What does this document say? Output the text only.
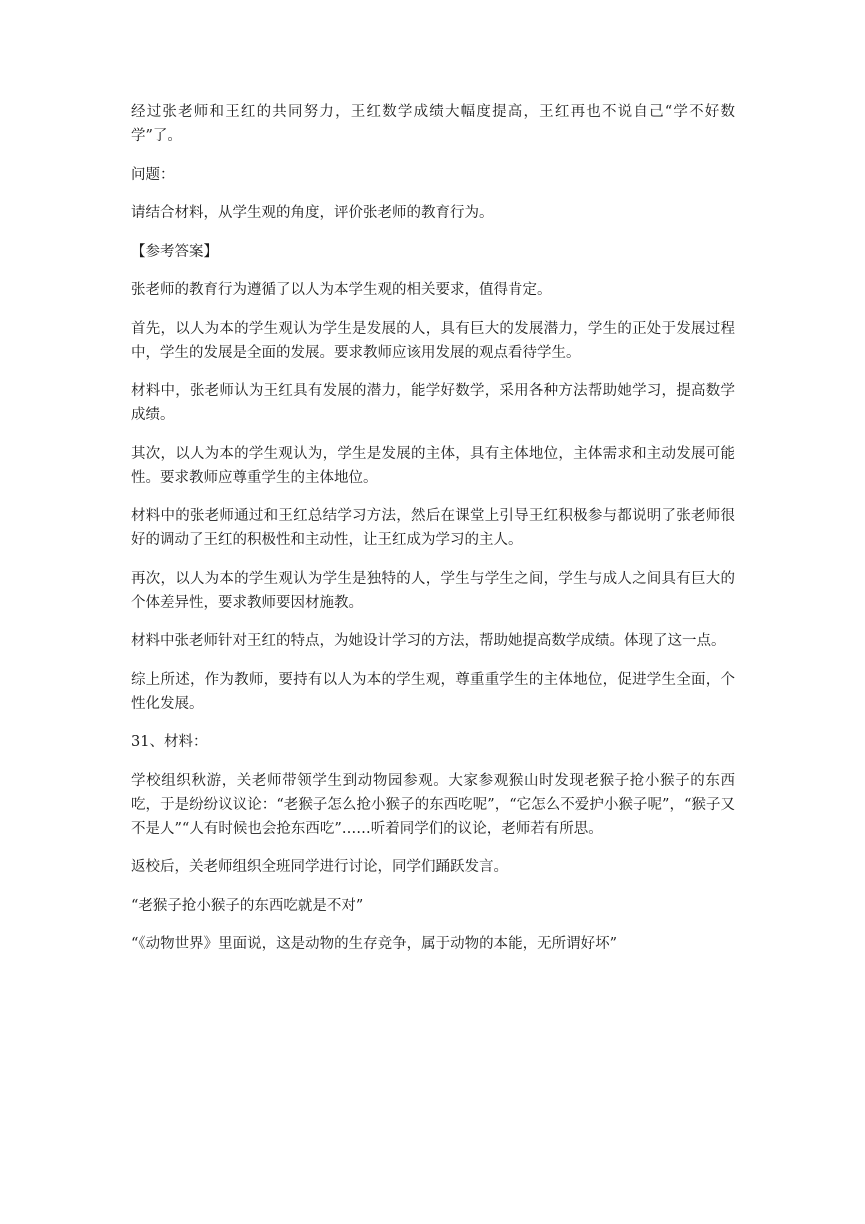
经过张老师和王红的共同努力，王红数学成绩大幅度提高，王红再也不说自己“学不好数学”了。

问题：

请结合材料，从学生观的角度，评价张老师的教育行为。

【参考答案】

张老师的教育行为遵循了以人为本学生观的相关要求，值得肯定。

首先，以人为本的学生观认为学生是发展的人，具有巨大的发展潜力，学生的正处于发展过程中，学生的发展是全面的发展。要求教师应该用发展的观点看待学生。

材料中，张老师认为王红具有发展的潜力，能学好数学，采用各种方法帮助她学习，提高数学成绩。

其次，以人为本的学生观认为，学生是发展的主体，具有主体地位，主体需求和主动发展可能性。要求教师应尊重学生的主体地位。

材料中的张老师通过和王红总结学习方法，然后在课堂上引导王红积极参与都说明了张老师很好的调动了王红的积极性和主动性，让王红成为学习的主人。

再次，以人为本的学生观认为学生是独特的人，学生与学生之间，学生与成人之间具有巨大的个体差异性，要求教师要因材施教。

材料中张老师针对王红的特点，为她设计学习的方法，帮助她提高数学成绩。体现了这一点。

综上所述，作为教师，要持有以人为本的学生观，尊重重学生的主体地位，促进学生全面，个性化发展。

31、材料：

学校组织秋游，关老师带领学生到动物园参观。大家参观猴山时发现老猴子抢小猴子的东西吃，于是纷纷议议论：“老猴子怎么抢小猴子的东西吃呢”，“它怎么不爱护小猴子呢”，“猴子又不是人”“人有时候也会抢东西吃”……听着同学们的议论，老师若有所思。

返校后，关老师组织全班同学进行讨论，同学们踊跃发言。

“老猴子抢小猴子的东西吃就是不对”

“《动物世界》里面说，这是动物的生存竞争，属于动物的本能，无所谓好坏”
